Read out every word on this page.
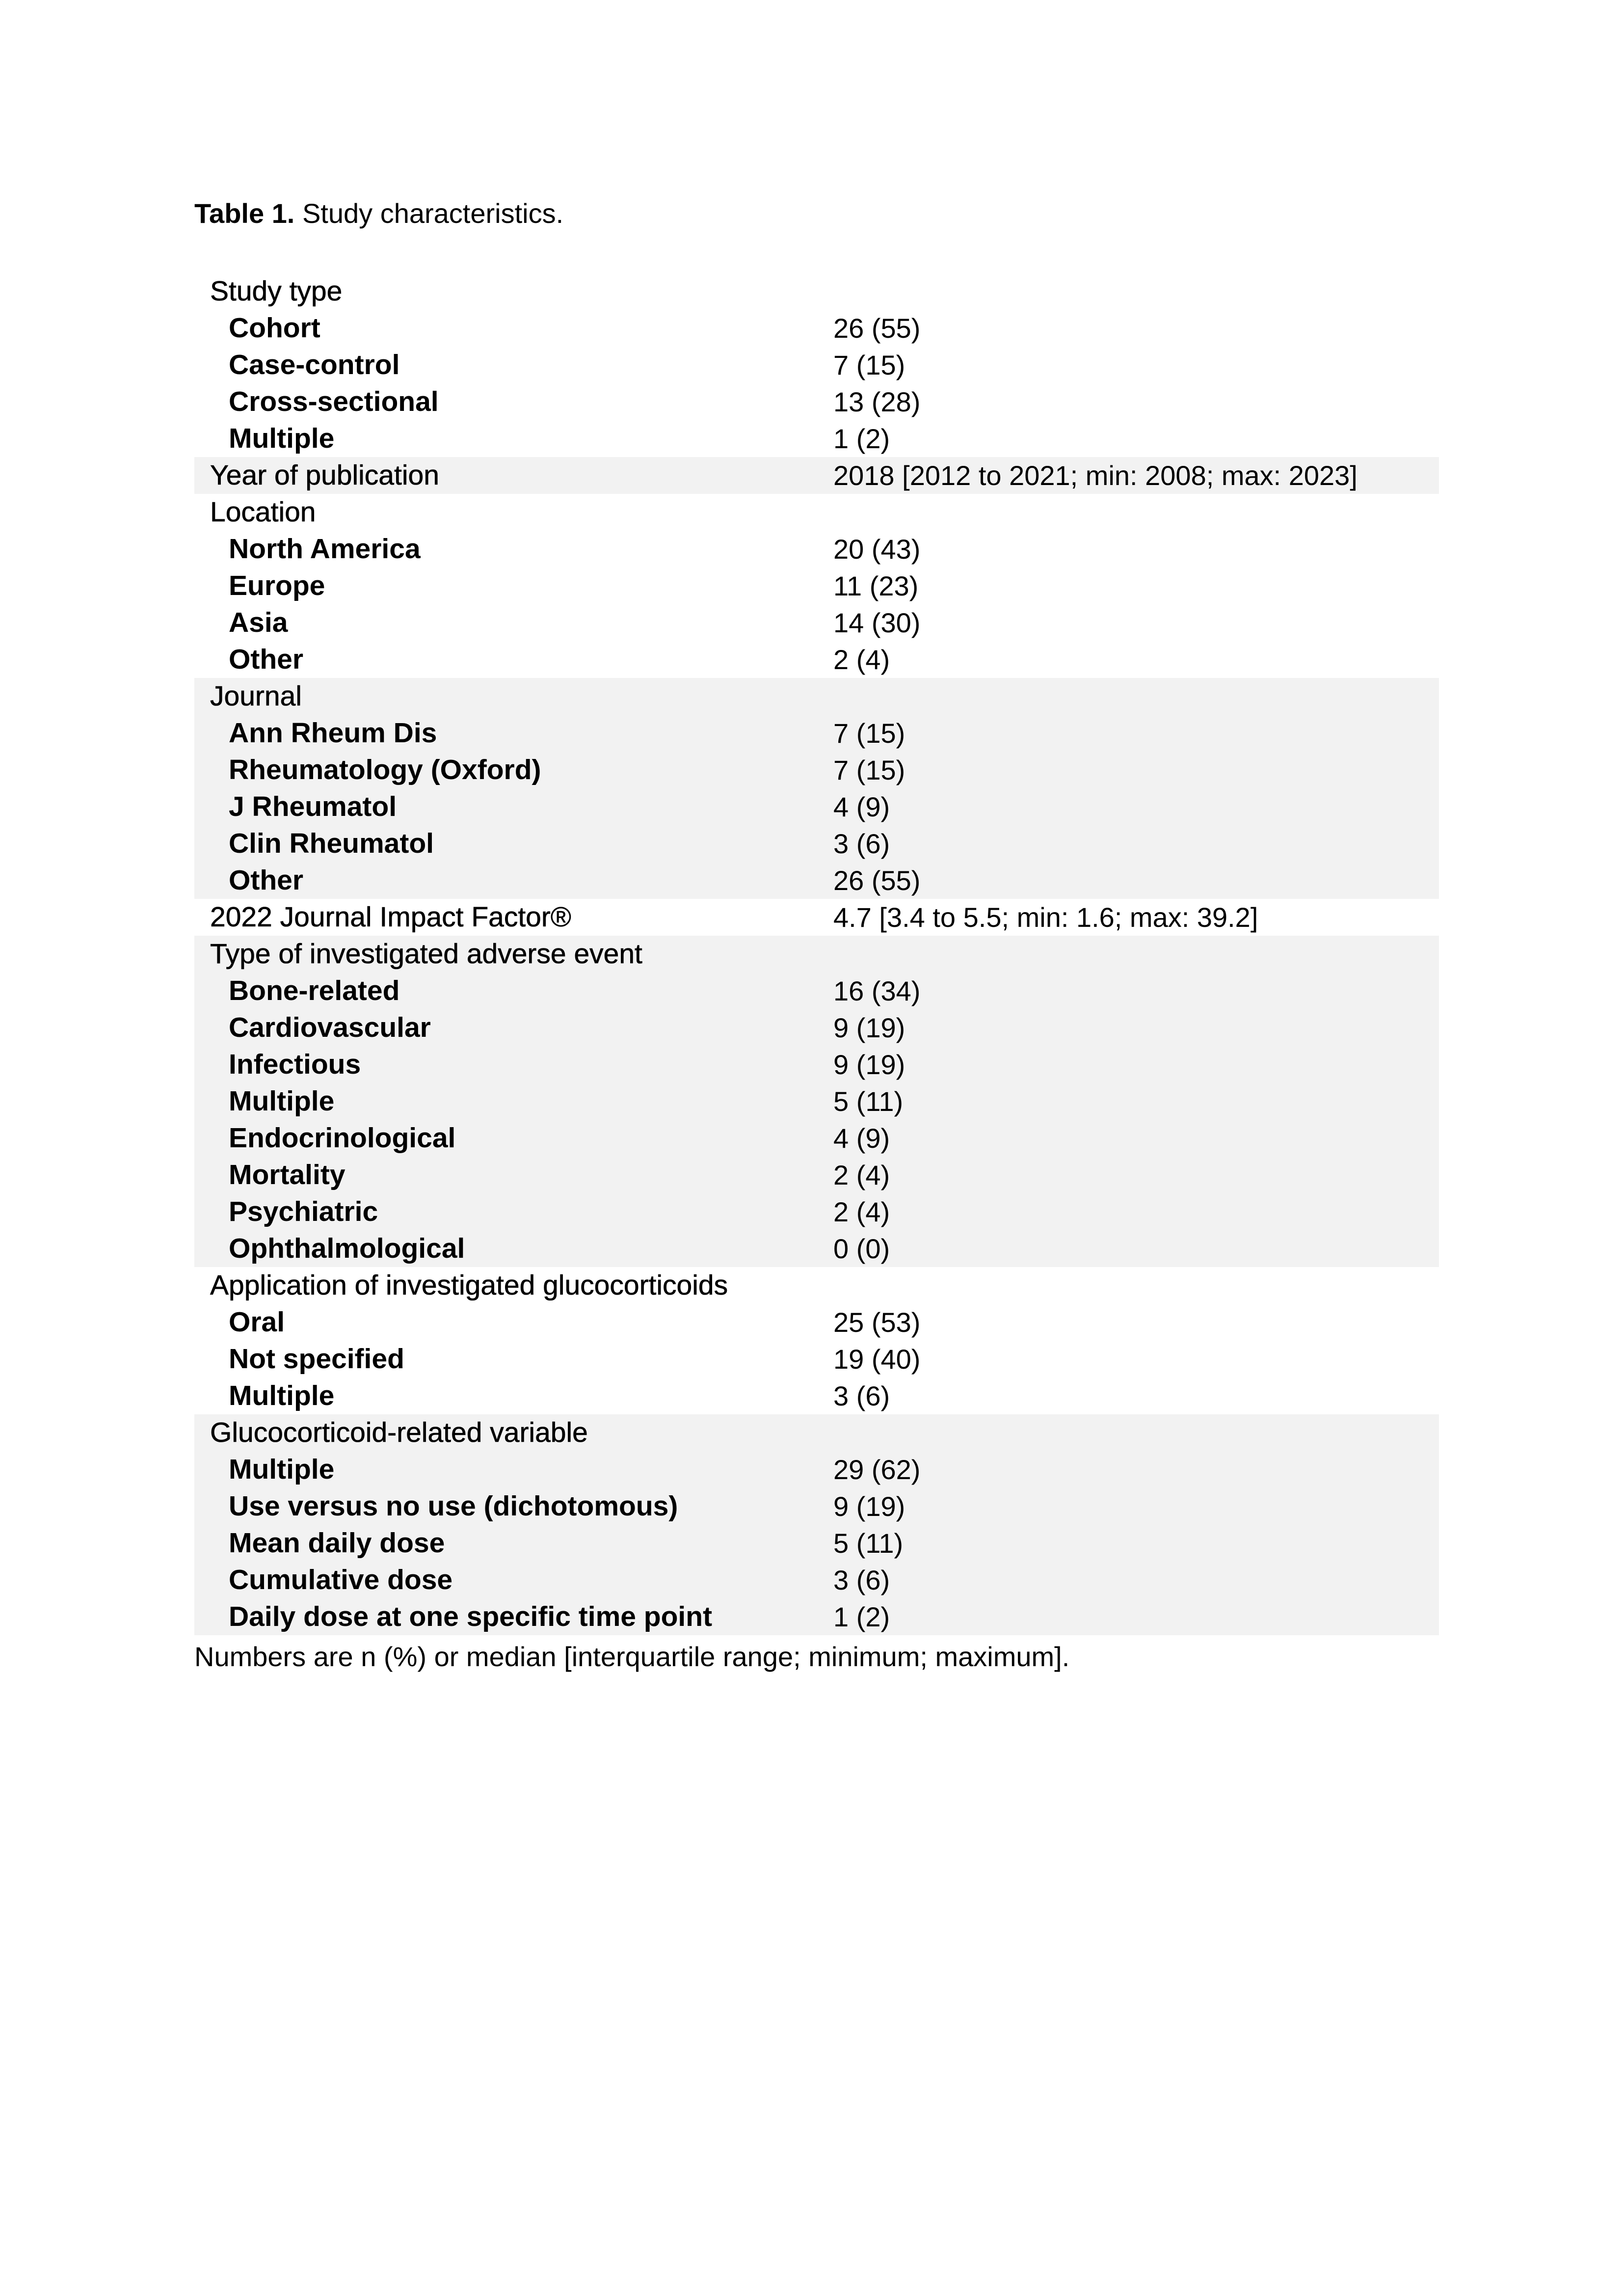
Table 1. Study characteristics.
Study type
Cohort	26 (55)
Case-control	7 (15)
Cross-sectional	13 (28)
Multiple	1 (2)
Year of publication	2018 [2012 to 2021; min: 2008; max: 2023]
Location
North America	20 (43)
Europe	11 (23)
Asia	14 (30)
Other	2 (4)
Journal
Ann Rheum Dis	7 (15)
Rheumatology (Oxford)	7 (15)
J Rheumatol	4 (9)
Clin Rheumatol	3 (6)
Other	26 (55)
2022 Journal Impact Factor®	4.7 [3.4 to 5.5; min: 1.6; max: 39.2]
Type of investigated adverse event
Bone-related	16 (34)
Cardiovascular	9 (19)
Infectious	9 (19)
Multiple	5 (11)
Endocrinological	4 (9)
Mortality	2 (4)
Psychiatric	2 (4)
Ophthalmological	0 (0)
Application of investigated glucocorticoids
Oral	25 (53)
Not specified	19 (40)
Multiple	3 (6)
Glucocorticoid-related variable
Multiple	29 (62)
Use versus no use (dichotomous)	9 (19)
Mean daily dose	5 (11)
Cumulative dose	3 (6)
Daily dose at one specific time point	1 (2)
Numbers are n (%) or median [interquartile range; minimum; maximum].
